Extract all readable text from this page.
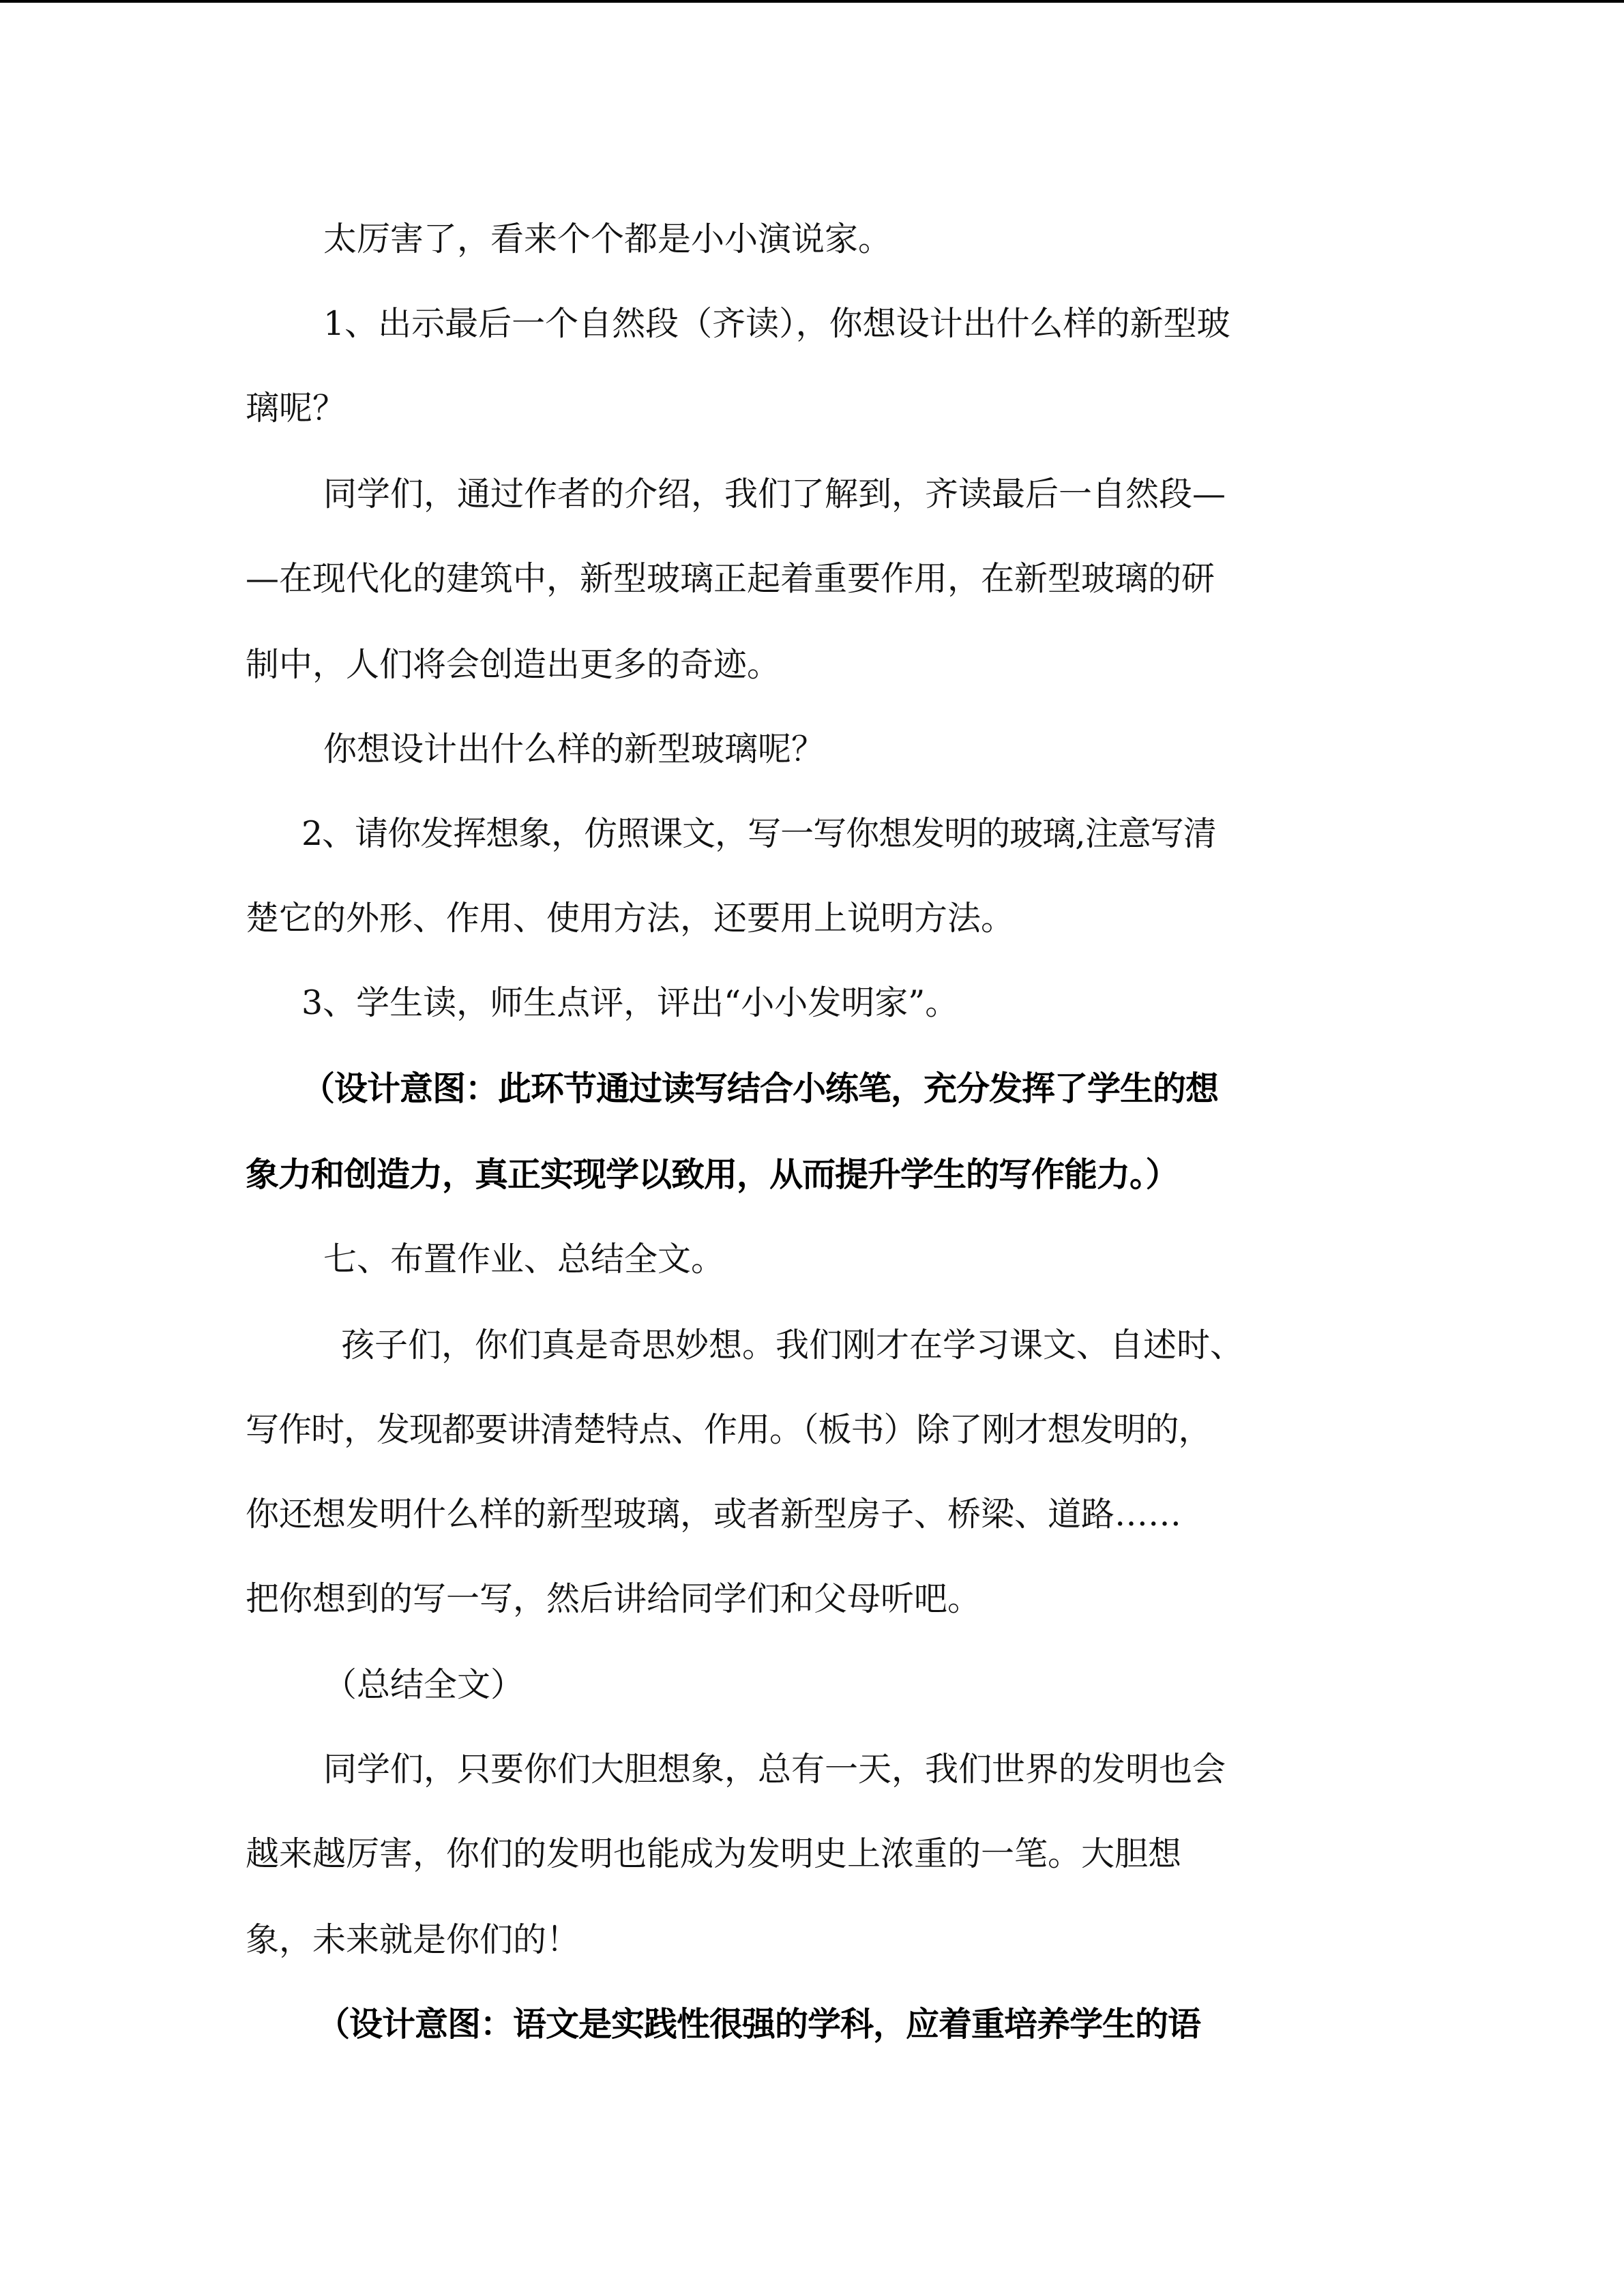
太厉害了，看来个个都是小小演说家。
1、出示最后一个自然段（齐读），你想设计出什么样的新型玻
璃呢？
同学们，通过作者的介绍，我们了解到，齐读最后一自然段—
—在现代化的建筑中，新型玻璃正起着重要作用，在新型玻璃的研
制中，人们将会创造出更多的奇迹。
你想设计出什么样的新型玻璃呢？
2、请你发挥想象，仿照课文，写一写你想发明的玻璃,注意写清
楚它的外形、作用、使用方法，还要用上说明方法。
3、学生读，师生点评，评出“小小发明家”。
（设计意图：此环节通过读写结合小练笔，充分发挥了学生的想
象力和创造力，真正实现学以致用，从而提升学生的写作能力。）
七、布置作业、总结全文。
孩子们，你们真是奇思妙想。我们刚才在学习课文、自述时、
写作时，发现都要讲清楚特点、作用。（板书）除了刚才想发明的，
你还想发明什么样的新型玻璃，或者新型房子、桥梁、道路……
把你想到的写一写，然后讲给同学们和父母听吧。
（总结全文）
同学们，只要你们大胆想象，总有一天，我们世界的发明也会
越来越厉害，你们的发明也能成为发明史上浓重的一笔。大胆想
象，未来就是你们的！
（设计意图：语文是实践性很强的学科，应着重培养学生的语
